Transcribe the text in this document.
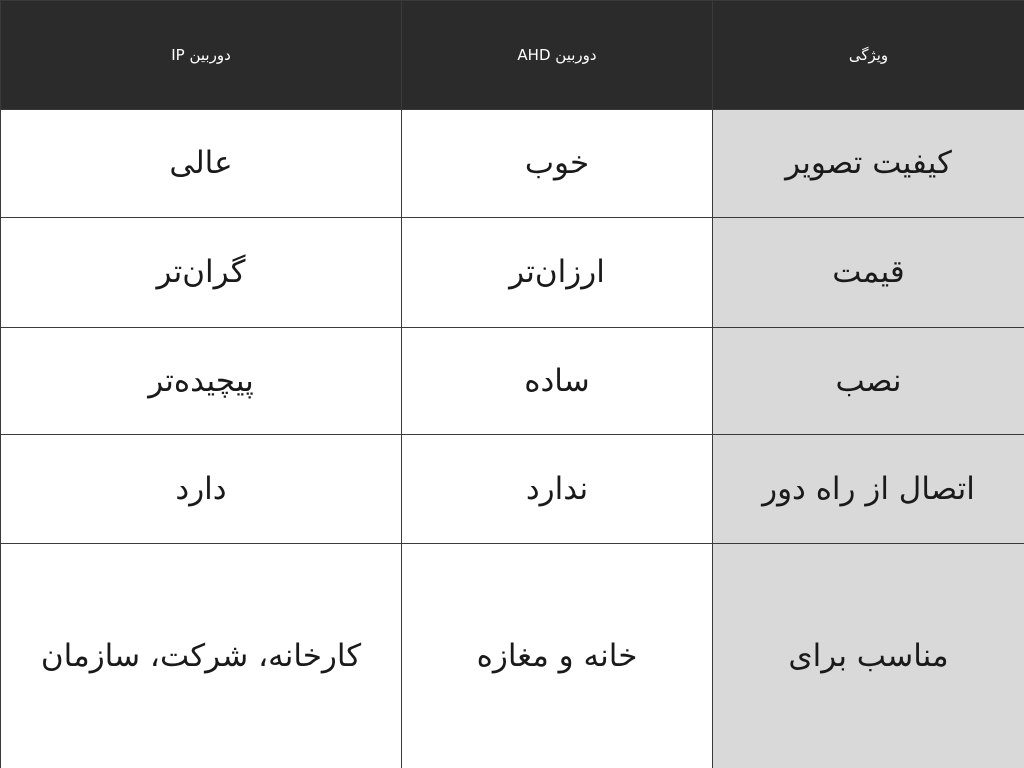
ویژگی	دوربین AHD	دوربین IP
کیفیت تصویر	خوب	عالی
قیمت	ارزان‌تر	گران‌تر
نصب	ساده	پیچیده‌تر
اتصال از راه دور	ندارد	دارد
مناسب برای	خانه و مغازه	کارخانه، شرکت، سازمان
